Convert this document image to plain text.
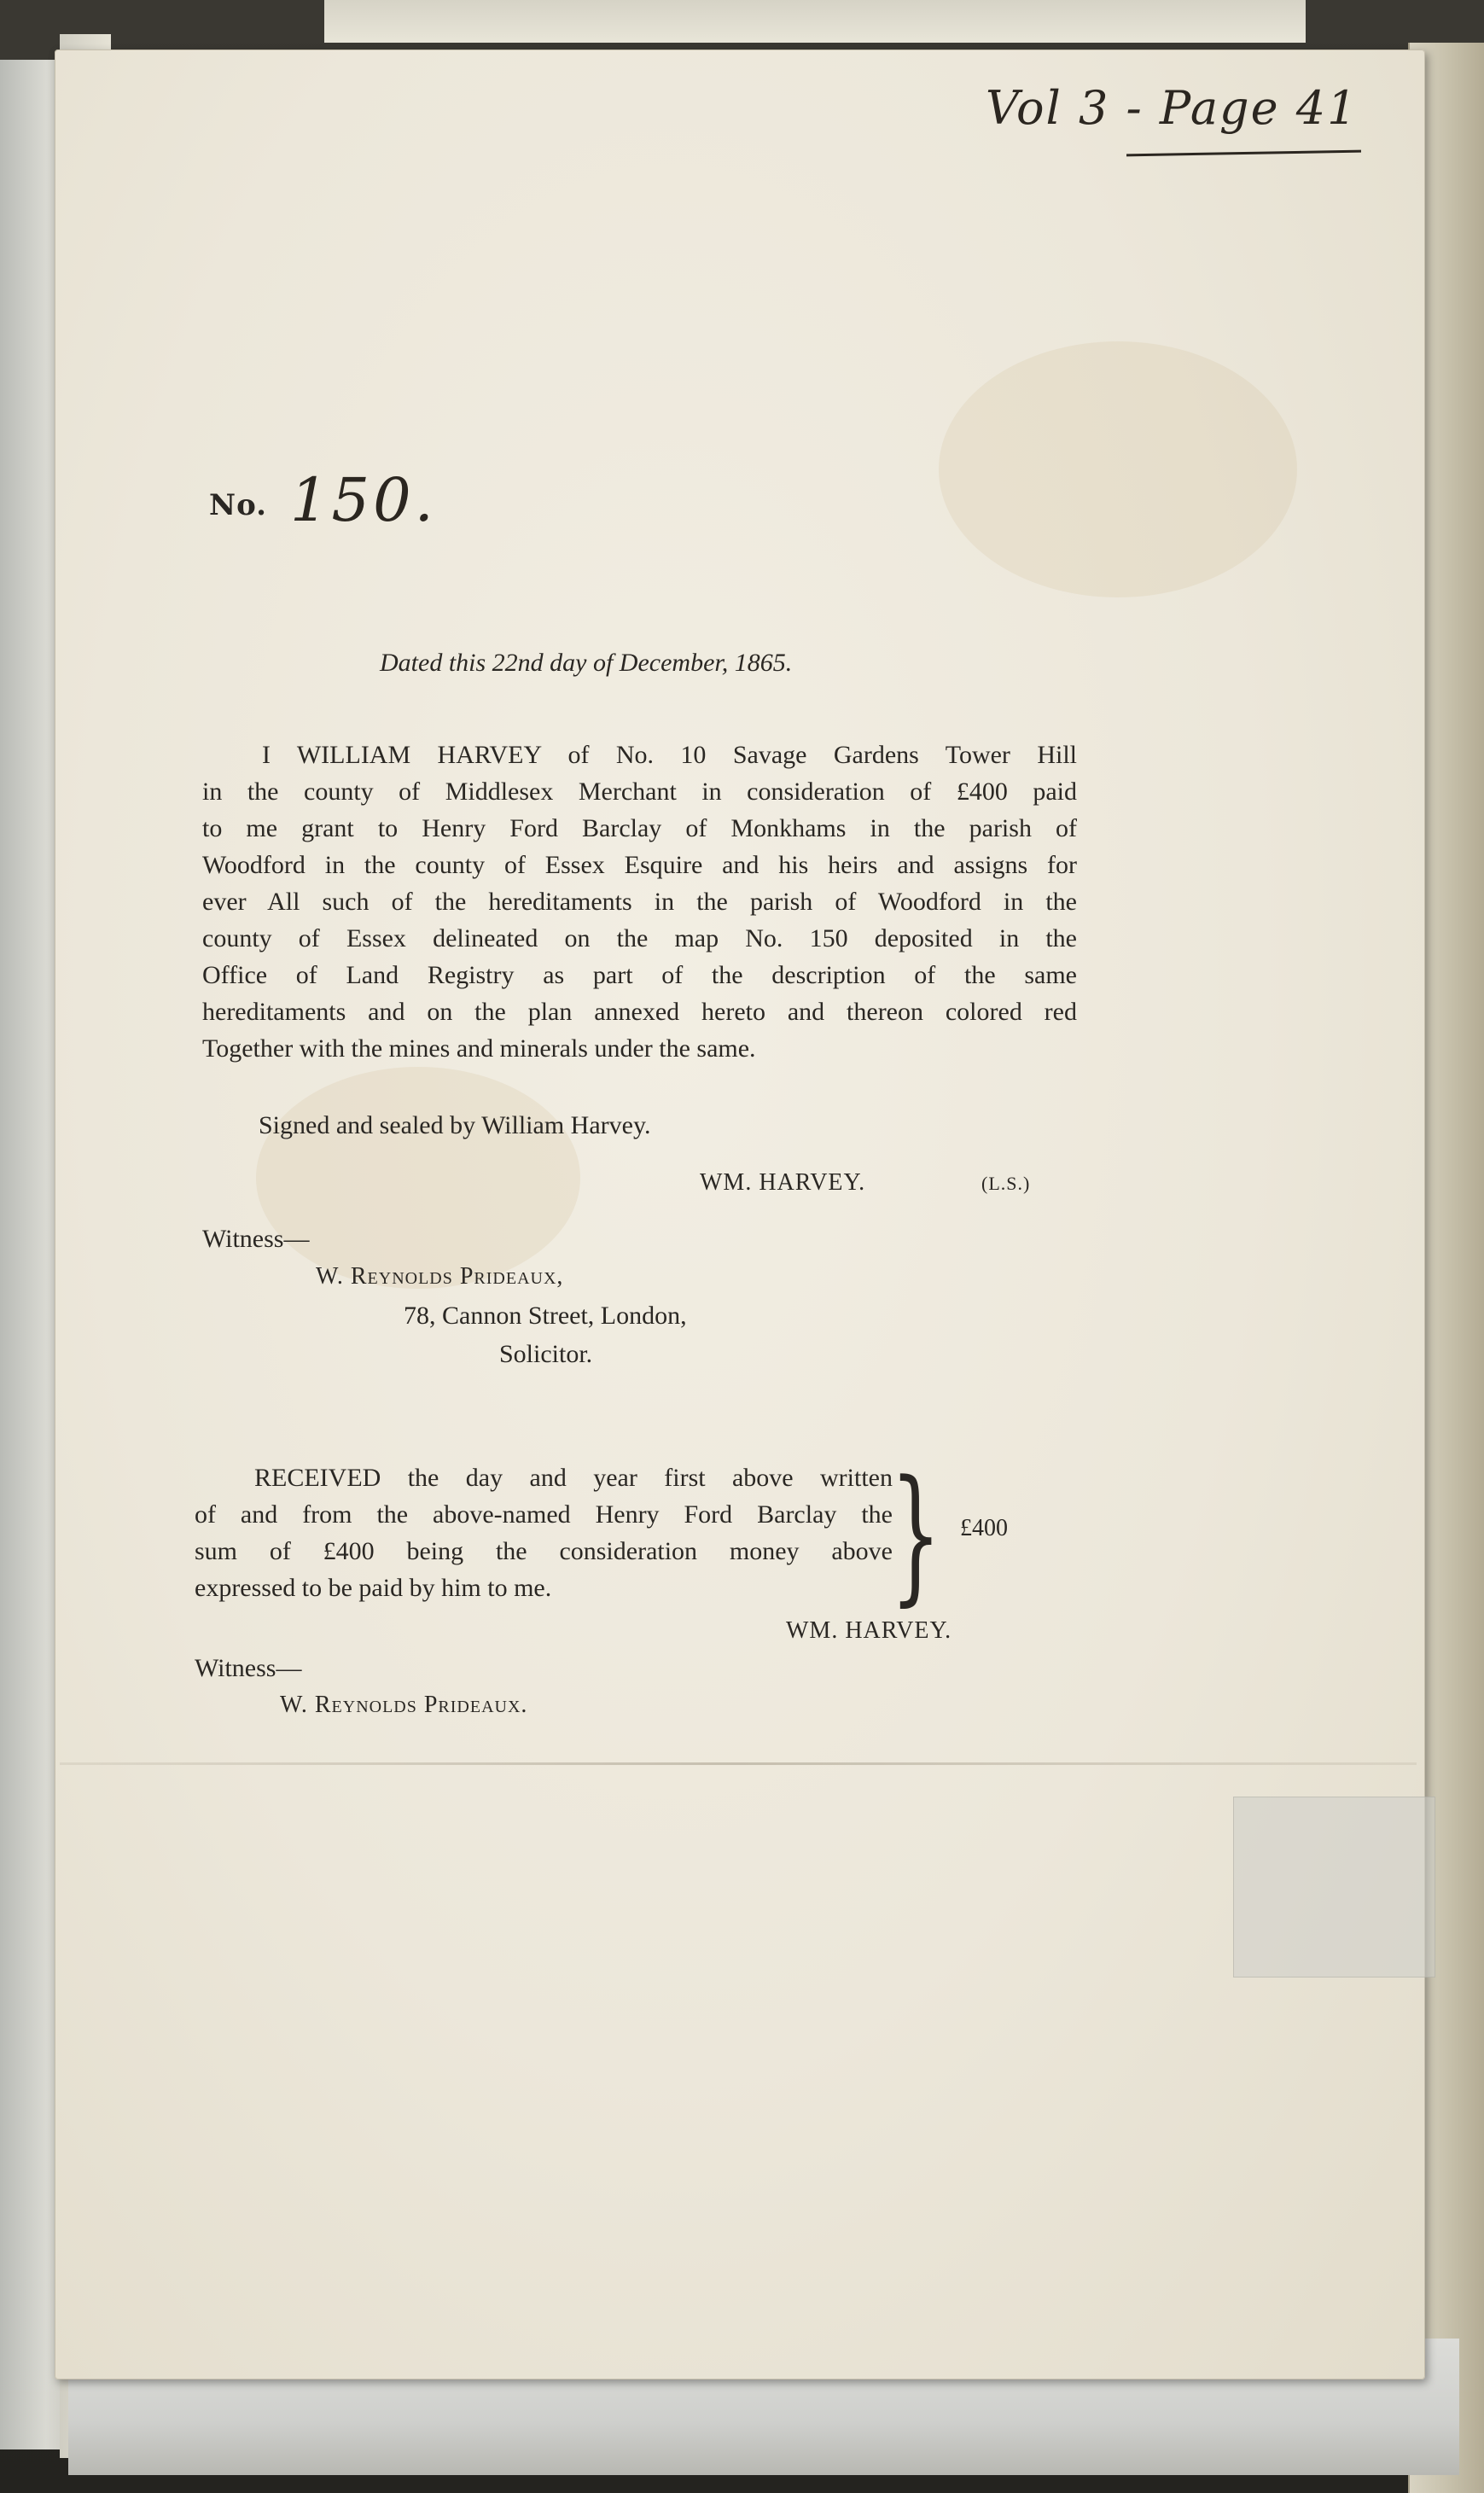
Vol 3 - Page 41
No. 150.
Dated this 22nd day of December, 1865.
I WILLIAM HARVEY of No. 10 Savage Gardens Tower Hill
in the county of Middlesex Merchant in consideration of £400 paid
to me grant to Henry Ford Barclay of Monkhams in the parish of
Woodford in the county of Essex Esquire and his heirs and assigns for
ever All such of the hereditaments in the parish of Woodford in the
county of Essex delineated on the map No. 150 deposited in the
Office of Land Registry as part of the description of the same
hereditaments and on the plan annexed hereto and thereon colored red
Together with the mines and minerals under the same.
Signed and sealed by William Harvey.
WM. HARVEY.	(L.S.)
Witness—
W. Reynolds Prideaux,
78, Cannon Street, London,
Solicitor.
RECEIVED the day and year first above written
of and from the above-named Henry Ford Barclay the
sum of £400 being the consideration money above
expressed to be paid by him to me.	} £400
WM. HARVEY.
Witness—
W. Reynolds Prideaux.
